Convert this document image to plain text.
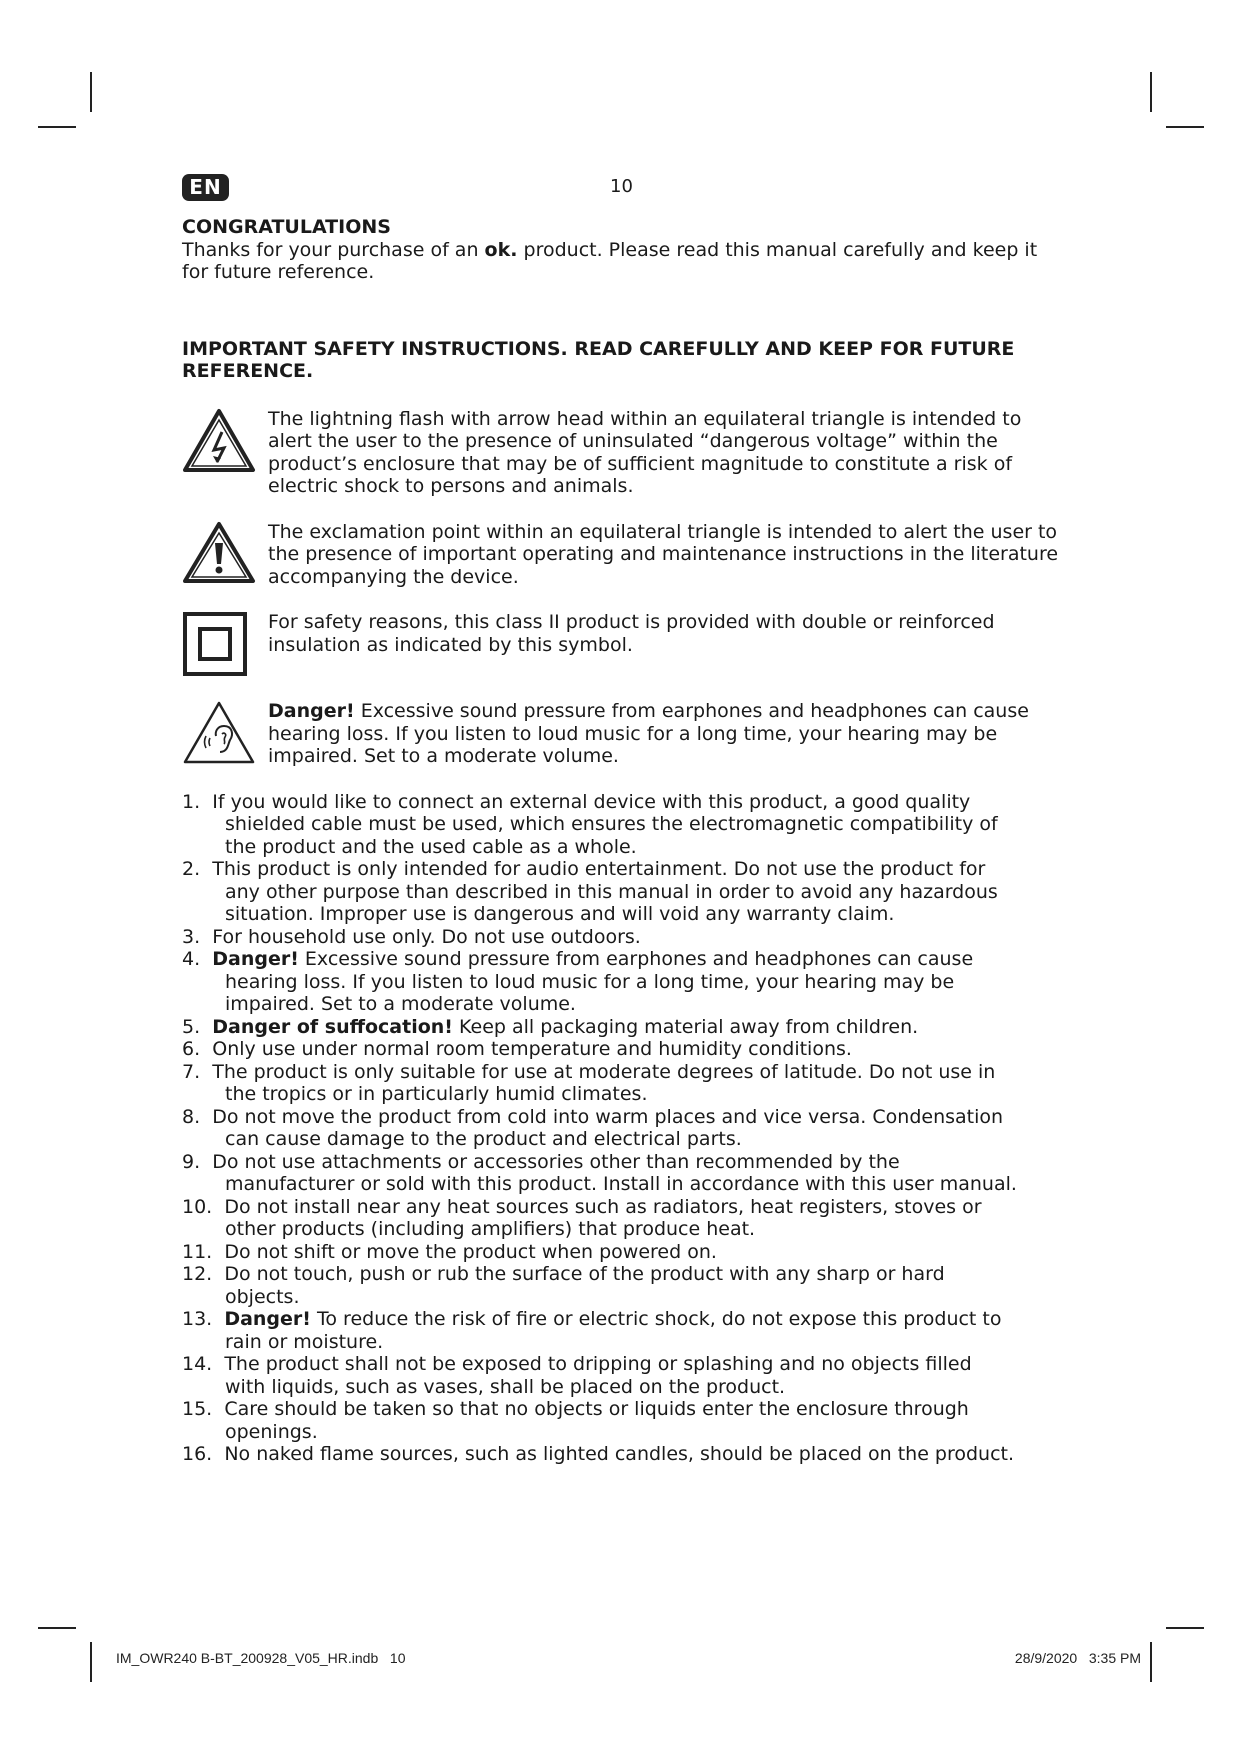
EN	10
CONGRATULATIONS

Thanks for your purchase of an ok. product. Please read this manual carefully and keep it for future reference.

IMPORTANT SAFETY INSTRUCTIONS. READ CAREFULLY AND KEEP FOR FUTURE REFERENCE.
The lightning flash with arrow head within an equilateral triangle is intended to alert the user to the presence of uninsulated “dangerous voltage” within the product’s enclosure that may be of sufficient magnitude to constitute a risk of electric shock to persons and animals.
The exclamation point within an equilateral triangle is intended to alert the user to the presence of important operating and maintenance instructions in the literature accompanying the device.
For safety reasons, this class II product is provided with double or reinforced insulation as indicated by this symbol.
Danger! Excessive sound pressure from earphones and headphones can cause hearing loss. If you listen to loud music for a long time, your hearing may be impaired. Set to a moderate volume.
1. If you would like to connect an external device with this product, a good quality
shielded cable must be used, which ensures the electromagnetic compatibility of
the product and the used cable as a whole.
2. This product is only intended for audio entertainment. Do not use the product for
any other purpose than described in this manual in order to avoid any hazardous
situation. Improper use is dangerous and will void any warranty claim.
3. For household use only. Do not use outdoors.
4. Danger! Excessive sound pressure from earphones and headphones can cause
hearing loss. If you listen to loud music for a long time, your hearing may be
impaired. Set to a moderate volume.
5. Danger of suffocation! Keep all packaging material away from children.
6. Only use under normal room temperature and humidity conditions.
7. The product is only suitable for use at moderate degrees of latitude. Do not use in
the tropics or in particularly humid climates.
8. Do not move the product from cold into warm places and vice versa. Condensation
can cause damage to the product and electrical parts.
9. Do not use attachments or accessories other than recommended by the
manufacturer or sold with this product. Install in accordance with this user manual.
10. Do not install near any heat sources such as radiators, heat registers, stoves or
other products (including amplifiers) that produce heat.
11. Do not shift or move the product when powered on.
12. Do not touch, push or rub the surface of the product with any sharp or hard
objects.
13. Danger! To reduce the risk of fire or electric shock, do not expose this product to
rain or moisture.
14. The product shall not be exposed to dripping or splashing and no objects filled
with liquids, such as vases, shall be placed on the product.
15. Care should be taken so that no objects or liquids enter the enclosure through
openings.
16. No naked flame sources, such as lighted candles, should be placed on the product.
IM_OWR240 B-BT_200928_V05_HR.indb   10	28/9/2020   3:35 PM
